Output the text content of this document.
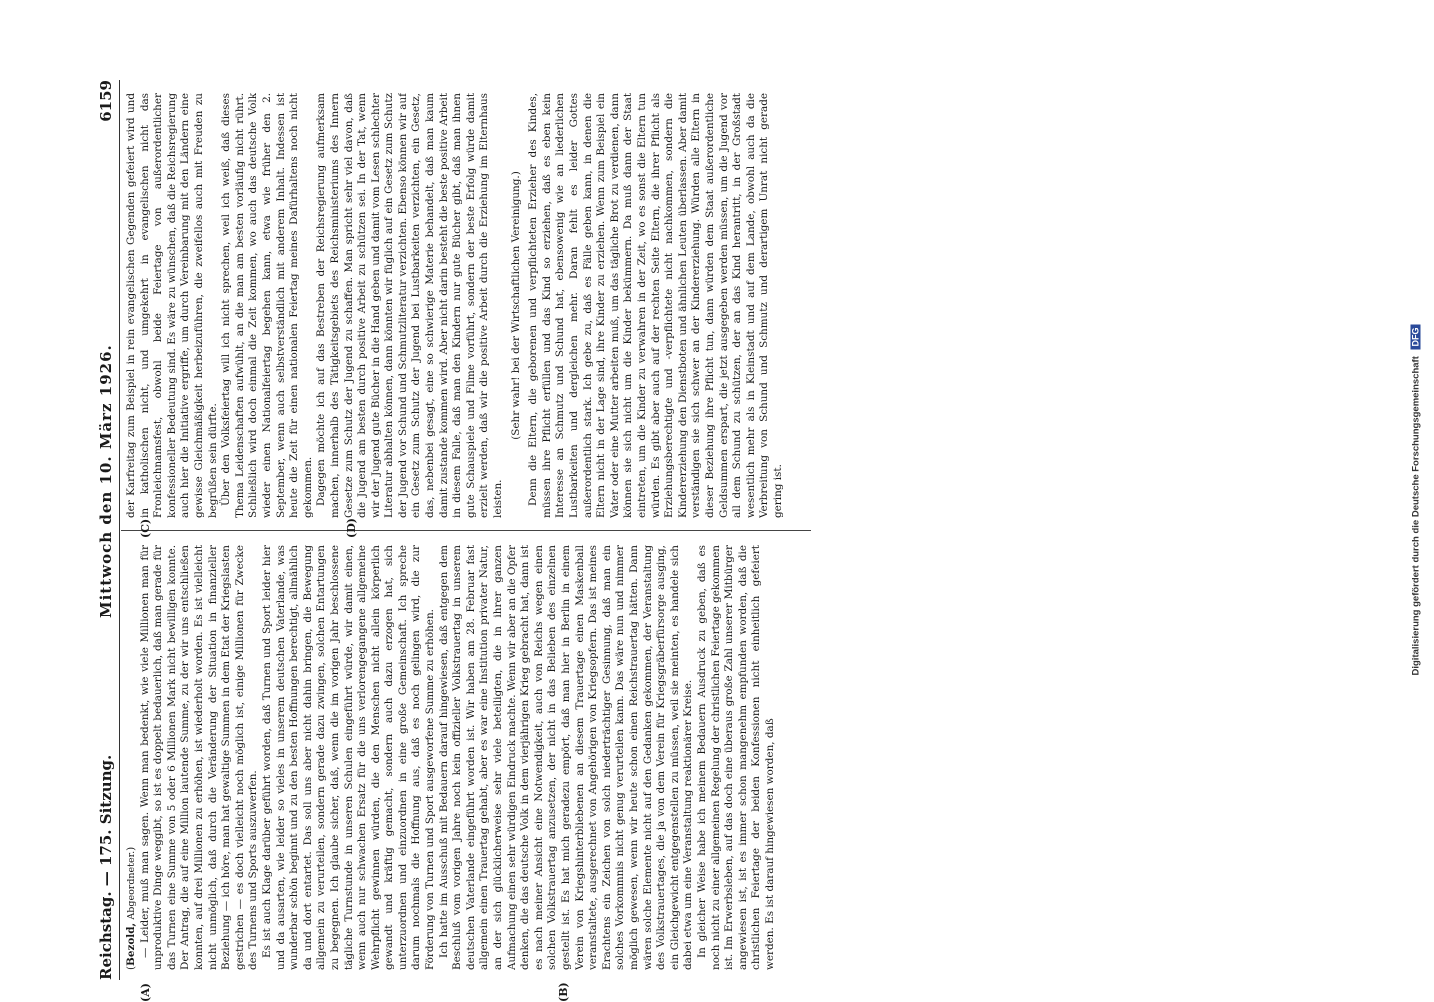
Reichstag. — 175. Sitzung.
Mittwoch den 10. März 1926.
6159
(A)	(B)
(C)	(D)

(Bezold, Abgeordneter.) — Leider, muß man sagen. Wenn man bedenkt, wie viele Millionen man für unproduktive Dinge weggibt, so ist es doppelt bedauerlich, daß man gerade für das Turnen eine Summe von 5 oder 6 Millionen Mark nicht bewilligen konnte. Der Antrag, die auf eine Million lautende Summe, zu der wir uns entschließen konnten, auf drei Millionen zu erhöhen, ist wiederholt worden. Es ist vielleicht nicht unmöglich, daß durch die Veränderung der Situation in finanzieller Beziehung — ich höre, man hat gewaltige Summen in dem Etat der Kriegslasten gestrichen — es doch vielleicht noch möglich ist, einige Millionen für Zwecke des Turnens und Sports auszuwerfen. Es ist auch Klage darüber geführt worden, daß Turnen und Sport leider hier und da ausarten, wie leider so vieles in unserem deutschen Vaterlande, was wunderbar schön beginnt und zu den besten Hoffnungen berechtigt, allmählich da und dort entartet. Das soll uns aber nicht dahin bringen, die Bewegung allgemein zu verurteilen, sondern gerade dazu zwingen, solchen Entartungen zu begegnen. Ich glaube sicher, daß, wenn die im vorigen Jahr beschlossene tägliche Turnstunde in unseren Schulen eingeführt würde, wir damit einen, wenn auch nur schwachen Ersatz für die uns verlorengegangene allgemeine Wehrpflicht gewinnen würden, die den Menschen nicht allein körperlich gewandt und kräftig gemacht, sondern auch dazu erzogen hat, sich unterzuordnen und einzuordnen in eine große Gemeinschaft. Ich spreche darum nochmals die Hoffnung aus, daß es noch gelingen wird, die zur Förderung von Turnen und Sport ausgeworfene Summe zu erhöhen. Ich hatte im Ausschuß mit Bedauern darauf hingewiesen, daß entgegen dem Beschluß vom vorigen Jahre noch kein offizieller Volkstrauertag in unserem deutschen Vaterlande eingeführt worden ist. Wir haben am 28. Februar fast allgemein einen Trauertag gehabt, aber es war eine Institution privater Natur, an der sich glücklicherweise sehr viele beteiligten, die in ihrer ganzen Aufmachung einen sehr würdigen Eindruck machte. Wenn wir aber an die Opfer denken, die das deutsche Volk in dem vierjährigen Krieg gebracht hat, dann ist es nach meiner Ansicht eine Notwendigkeit, auch von Reichs wegen einen solchen Volkstrauertag anzusetzen, der nicht in das Belieben des einzelnen gestellt ist. Es hat mich geradezu empört, daß man hier in Berlin in einem Verein von Kriegshinterbliebenen an diesem Trauertage einen Maskenball veranstaltete, ausgerechnet von Angehörigen von Kriegsopfern. Das ist meines Erachtens ein Zeichen von solch niederträchtiger Gesinnung, daß man ein solches Vorkommnis nicht genug verurteilen kann. Das wäre nun und nimmer möglich gewesen, wenn wir heute schon einen Reichstrauertag hätten. Dann wären solche Elemente nicht auf den Gedanken gekommen, der Veranstaltung des Volkstrauertages, die ja von dem Verein für Kriegsgräberfürsorge ausging, ein Gleichgewicht entgegenstellen zu müssen, weil sie meinten, es handele sich dabei etwa um eine Veranstaltung reaktionärer Kreise. In gleicher Weise habe ich meinem Bedauern Ausdruck zu geben, daß es noch nicht zu einer allgemeinen Regelung der christlichen Feiertage gekommen ist. Im Erwerbsleben, auf das doch eine überaus große Zahl unserer Mitbürger angewiesen ist, ist es immer schon mangenehm empfunden worden, daß die christlichen Feiertage der beiden Konfessionen nicht einheitlich gefeiert werden. Es ist darauf hingewiesen worden, daß

der Karfreitag zum Beispiel in rein evangelischen Gegenden gefeiert wird und in katholischen nicht, und umgekehrt in evangelischen nicht das Fronleichnamsfest, obwohl beide Feiertage von außerordentlicher konfessioneller Bedeutung sind. Es wäre zu wünschen, daß die Reichsregierung auch hier die Initiative ergriffe, um durch Vereinbarung mit den Ländern eine gewisse Gleichmäßigkeit herbeizuführen, die zweifellos auch mit Freuden zu begrüßen sein dürfte. Über den Volksfeiertag will ich nicht sprechen, weil ich weiß, daß dieses Thema Leidenschaften aufwühlt, an die man am besten vorläufig nicht rührt. Schließlich wird doch einmal die Zeit kommen, wo auch das deutsche Volk wieder einen Nationalfeiertag begehen kann, etwa wie früher den 2. September, wenn auch selbstverständlich mit anderem Inhalt. Indessen ist heute die Zeit für einen nationalen Feiertag meines Dafürhaltens noch nicht gekommen. Dagegen möchte ich auf das Bestreben der Reichsregierung aufmerksam machen, innerhalb des Tätigkeitsgebiets des Reichsministeriums des Innern Gesetze zum Schutz der Jugend zu schaffen. Man spricht sehr viel davon, daß die Jugend am besten durch positive Arbeit zu schützen sei. In der Tat, wenn wir der Jugend gute Bücher in die Hand geben und damit vom Lesen schlechter Literatur abhalten können, dann könnten wir füglich auf ein Gesetz zum Schutz der Jugend vor Schund und Schmutzliteratur verzichten. Ebenso können wir auf ein Gesetz zum Schutz der Jugend bei Lustbarkeiten verzichten, ein Gesetz, das, nebenbei gesagt, eine so schwierige Materie behandelt, daß man kaum damit zustande kommen wird. Aber nicht darin besteht die beste positive Arbeit in diesem Falle, daß man den Kindern nur gute Bücher gibt, daß man ihnen gute Schauspiele und Filme vorführt, sondern der beste Erfolg würde damit erzielt werden, daß wir die positive Arbeit durch die Erziehung im Elternhaus leisten.

(Sehr wahr! bei der Wirtschaftlichen Vereinigung.) Denn die Eltern, die geborenen und verpflichteten Erzieher des Kindes, müssen ihre Pflicht erfüllen und das Kind so erziehen, daß es eben kein Interesse an Schmutz und Schund hat, ebensowenig wie an liederlichen Lustbarkeiten und dergleichen mehr. Daran fehlt es leider Gottes außerordentlich stark. Ich gebe zu, daß es Fälle geben kann, in denen die Eltern nicht in der Lage sind, ihre Kinder zu erziehen. Wenn zum Beispiel ein Vater oder eine Mutter arbeiten muß, um das tägliche Brot zu verdienen, dann können sie sich nicht um die Kinder bekümmern. Da muß dann der Staat eintreten, um die Kinder zu verwahren in der Zeit, wo es sonst die Eltern tun würden. Es gibt aber auch auf der rechten Seite Eltern, die ihrer Pflicht als Erziehungsberechtigte und -verpflichtete nicht nachkommen, sondern die Kindererziehung den Dienstboten und ähnlichen Leuten überlassen. Aber damit verständigen sie sich schwer an der Kindererziehung. Würden alle Eltern in dieser Beziehung ihre Pflicht tun, dann würden dem Staat außerordentliche Geldsummen erspart, die jetzt ausgegeben werden müssen, um die Jugend vor all dem Schund zu schützen, der an das Kind herantritt, in der Großstadt wesentlich mehr als in Kleinstadt und auf dem Lande, obwohl auch da die Verbreitung von Schund und Schmutz und derartigem Unrat nicht gerade gering ist.	Digitalisierung gefördert durch die Deutsche Forschungsgemeinschaft DFG
